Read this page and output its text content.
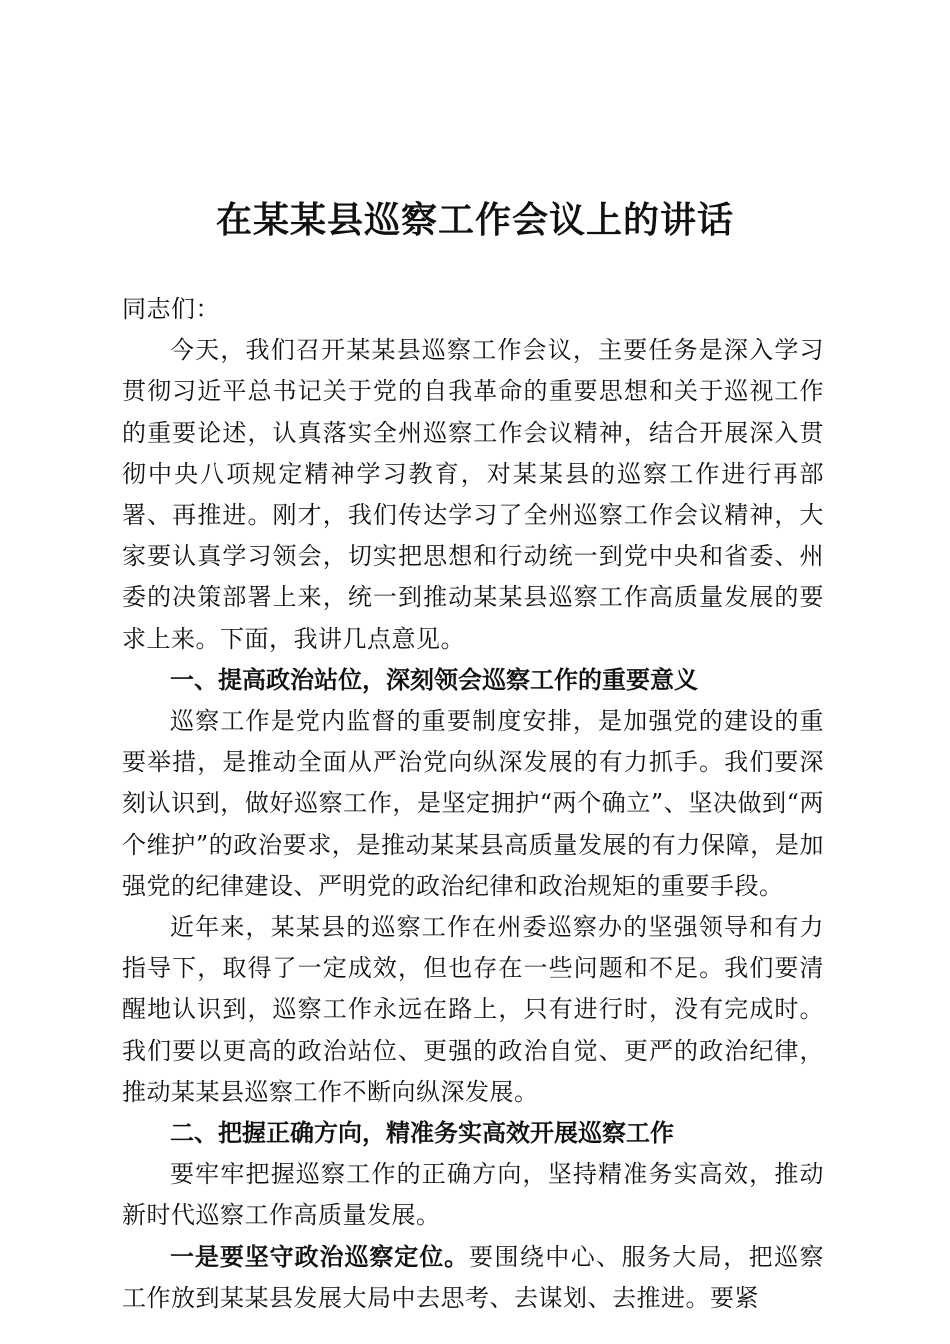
在某某县巡察工作会议上的讲话

同志们：

今天，我们召开某某县巡察工作会议，主要任务是深入学习贯彻习近平总书记关于党的自我革命的重要思想和关于巡视工作的重要论述，认真落实全州巡察工作会议精神，结合开展深入贯彻中央八项规定精神学习教育，对某某县的巡察工作进行再部署、再推进。刚才，我们传达学习了全州巡察工作会议精神，大家要认真学习领会，切实把思想和行动统一到党中央和省委、州委的决策部署上来，统一到推动某某县巡察工作高质量发展的要求上来。下面，我讲几点意见。

一、提高政治站位，深刻领会巡察工作的重要意义

巡察工作是党内监督的重要制度安排，是加强党的建设的重要举措，是推动全面从严治党向纵深发展的有力抓手。我们要深刻认识到，做好巡察工作，是坚定拥护“两个确立”、坚决做到“两个维护”的政治要求，是推动某某县高质量发展的有力保障，是加强党的纪律建设、严明党的政治纪律和政治规矩的重要手段。

近年来，某某县的巡察工作在州委巡察办的坚强领导和有力指导下，取得了一定成效，但也存在一些问题和不足。我们要清醒地认识到，巡察工作永远在路上，只有进行时，没有完成时。我们要以更高的政治站位、更强的政治自觉、更严的政治纪律，推动某某县巡察工作不断向纵深发展。

二、把握正确方向，精准务实高效开展巡察工作

要牢牢把握巡察工作的正确方向，坚持精准务实高效，推动新时代巡察工作高质量发展。

一是要坚守政治巡察定位。要围绕中心、服务大局，把巡察工作放到某某县发展大局中去思考、去谋划、去推进。要紧
